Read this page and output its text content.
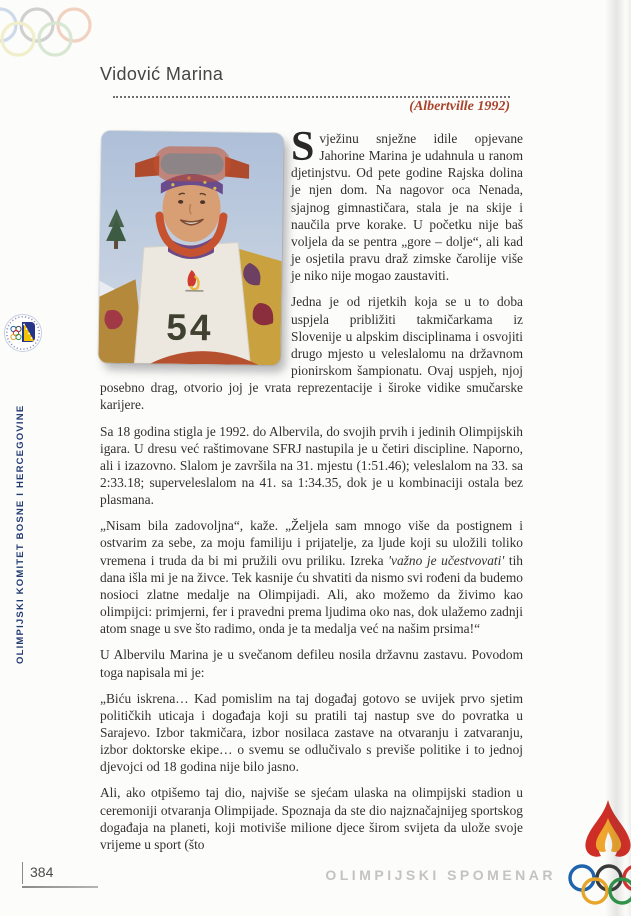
OLIMPIJSKI KOMITET BOSNE I HERCEGOVINE
Vidović Marina
(Albertville 1992)
54

Svježinu snježne idile opjevane Jahorine Marina je udahnula u ranom djetinjstvu. Od pete godine Rajska dolina je njen dom. Na nagovor oca Nenada, sjajnog gimnastičara, stala je na skije i naučila prve korake. U početku nije baš voljela da se pentra „gore – dolje“, ali kad je osjetila pravu draž zimske čarolije više je niko nije mogao zaustaviti.

Jedna je od rijetkih koja se u to doba uspjela približiti takmičarkama iz Slovenije u alpskim disciplinama i osvojiti drugo mjesto u veleslalomu na državnom pionirskom šampionatu. Ovaj uspjeh, njoj posebno drag, otvorio joj je vrata reprezentacije i široke vidike smučarske karijere.

Sa 18 godina stigla je 1992. do Albervila, do svojih prvih i jedinih Olimpijskih igara. U dresu već raštimovane SFRJ nastupila je u četiri discipline. Naporno, ali i izazovno. Slalom je završila na 31. mjestu (1:51.46); veleslalom na 33. sa 2:33.18; superveleslalom na 41. sa 1:34.35, dok je u kombinaciji ostala bez plasmana.

„Nisam bila zadovoljna“, kaže. „Željela sam mnogo više da postignem i ostvarim za sebe, za moju familiju i prijatelje, za ljude koji su uložili toliko vremena i truda da bi mi pružili ovu priliku. Izreka 'važno je učestvovati' tih dana išla mi je na živce. Tek kasnije ću shvatiti da nismo svi rođeni da budemo nosioci zlatne medalje na Olimpijadi. Ali, ako možemo da živimo kao olimpijci: primjerni, fer i pravedni prema ljudima oko nas, dok ulažemo zadnji atom snage u sve što radimo, onda je ta medalja već na našim prsima!“

U Albervilu Marina je u svečanom defileu nosila državnu zastavu. Povodom toga napisala mi je:

„Biću iskrena… Kad pomislim na taj događaj gotovo se uvijek prvo sjetim političkih uticaja i događaja koji su pratili taj nastup sve do povratka u Sarajevo. Izbor takmičara, izbor nosilaca zastave na otvaranju i zatvaranju, izbor doktorske ekipe… o svemu se odlučivalo s previše politike i to jednoj djevojci od 18 godina nije bilo jasno.

Ali, ako otpišemo taj dio, najviše se sjećam ulaska na olimpijski stadion u ceremoniji otvaranja Olimpijade. Spoznaja da ste dio najznačajnijeg sportskog događaja na planeti, koji motiviše milione djece širom svijeta da ulože svoje vrijeme u sport (što

384	OLIMPIJSKI SPOMENAR
